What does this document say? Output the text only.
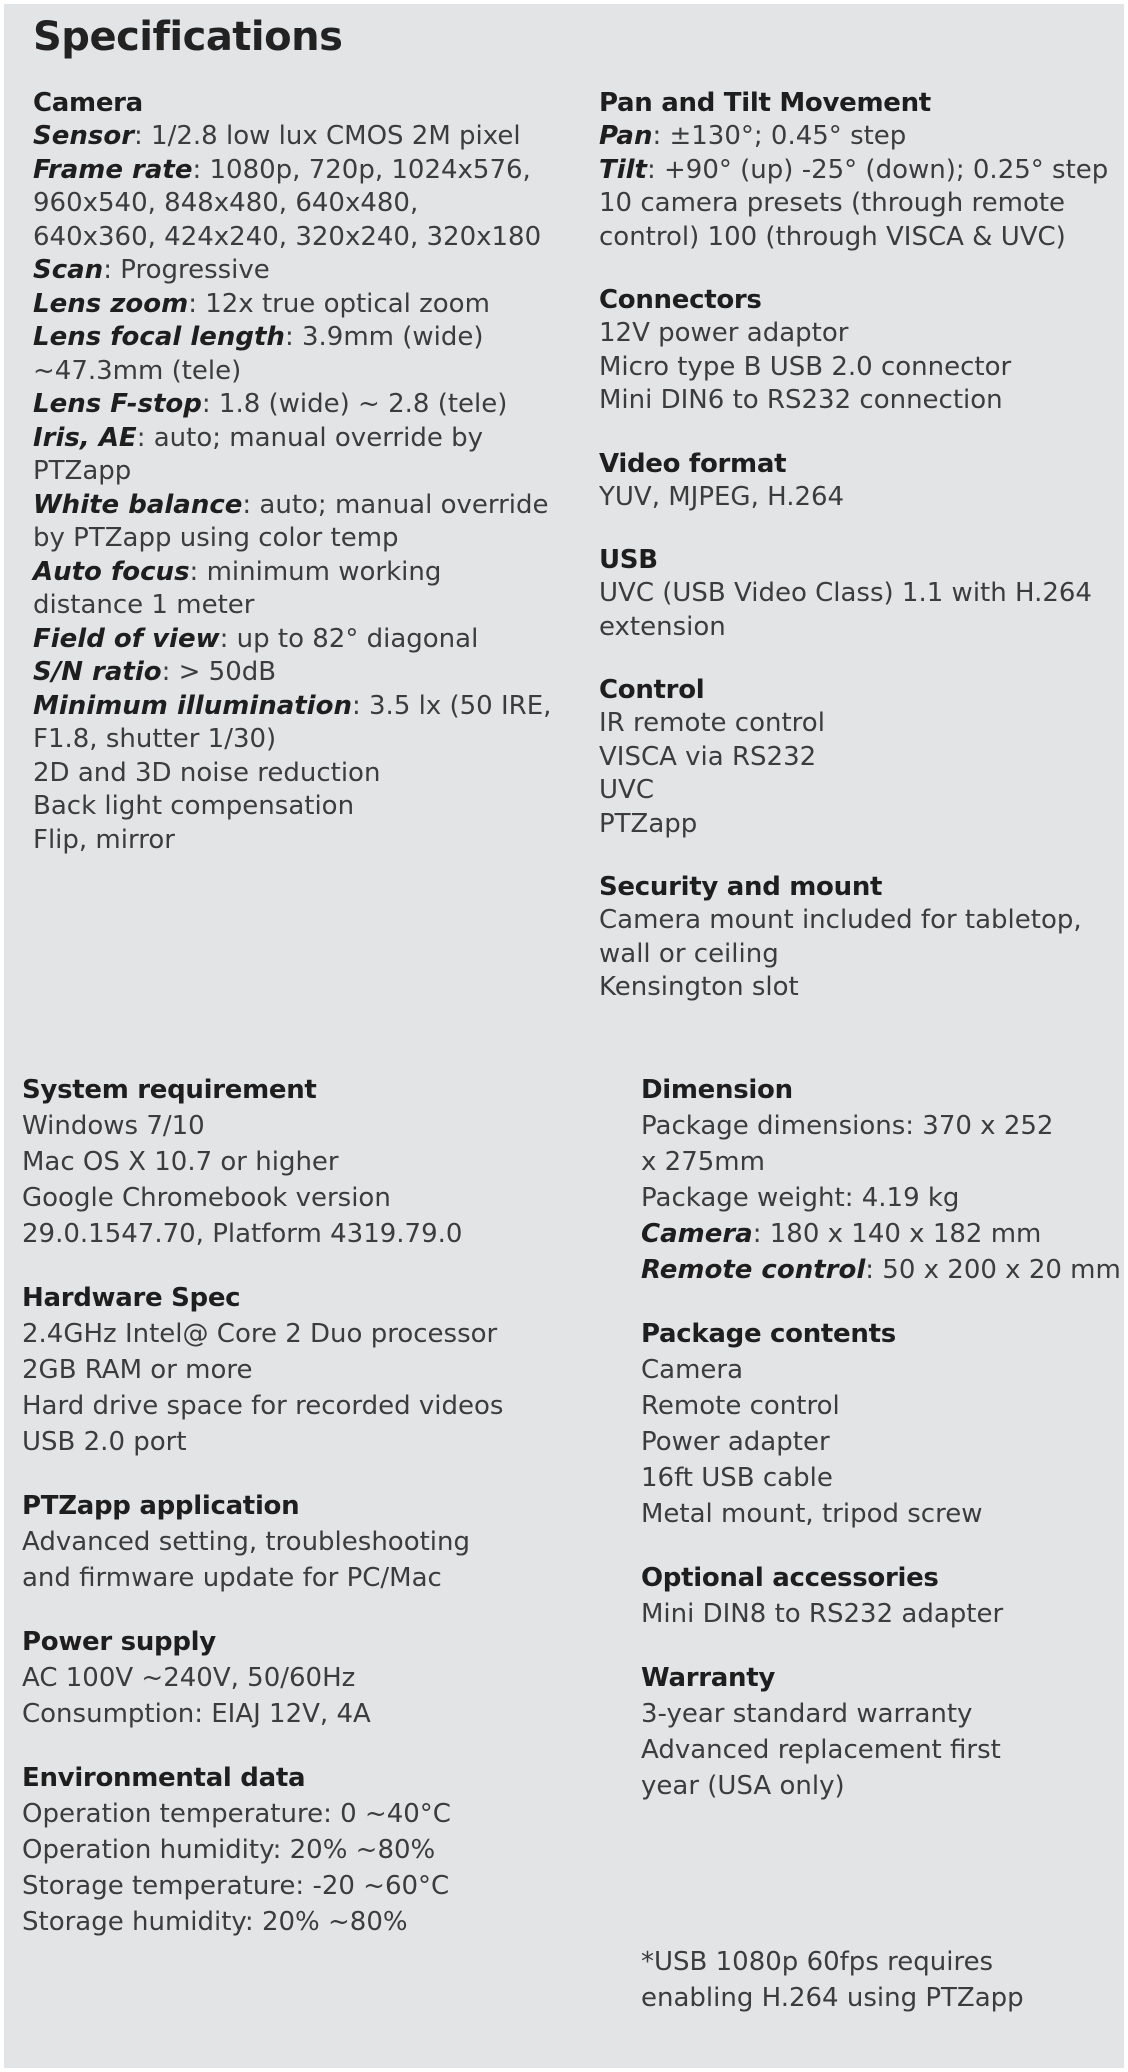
Specifications
Camera
Sensor: 1/2.8 low lux CMOS 2M pixel
Frame rate: 1080p, 720p, 1024x576,
960x540, 848x480, 640x480,
640x360, 424x240, 320x240, 320x180
Scan: Progressive
Lens zoom: 12x true optical zoom
Lens focal length: 3.9mm (wide)
~47.3mm (tele)
Lens F-stop: 1.8 (wide) ~ 2.8 (tele)
Iris, AE: auto; manual override by
PTZapp
White balance: auto; manual override
by PTZapp using color temp
Auto focus: minimum working
distance 1 meter
Field of view: up to 82° diagonal
S/N ratio: > 50dB
Minimum illumination: 3.5 lx (50 IRE,
F1.8, shutter 1/30)
2D and 3D noise reduction
Back light compensation
Flip, mirror
Pan and Tilt Movement
Pan: ±130°; 0.45° step
Tilt: +90° (up) -25° (down); 0.25° step
10 camera presets (through remote
control) 100 (through VISCA & UVC)
Connectors
12V power adaptor
Micro type B USB 2.0 connector
Mini DIN6 to RS232 connection
Video format
YUV, MJPEG, H.264
USB
UVC (USB Video Class) 1.1 with H.264
extension
Control
IR remote control
VISCA via RS232
UVC
PTZapp
Security and mount
Camera mount included for tabletop,
wall or ceiling
Kensington slot
System requirement
Windows 7/10
Mac OS X 10.7 or higher
Google Chromebook version
29.0.1547.70, Platform 4319.79.0
Hardware Spec
2.4GHz Intel@ Core 2 Duo processor
2GB RAM or more
Hard drive space for recorded videos
USB 2.0 port
PTZapp application
Advanced setting, troubleshooting
and firmware update for PC/Mac
Power supply
AC 100V ~240V, 50/60Hz
Consumption: EIAJ 12V, 4A
Environmental data
Operation temperature: 0 ~40°C
Operation humidity: 20% ~80%
Storage temperature: -20 ~60°C
Storage humidity: 20% ~80%
Dimension
Package dimensions: 370 x 252
x 275mm
Package weight: 4.19 kg
Camera: 180 x 140 x 182 mm
Remote control: 50 x 200 x 20 mm
Package contents
Camera
Remote control
Power adapter
16ft USB cable
Metal mount, tripod screw
Optional accessories
Mini DIN8 to RS232 adapter
Warranty
3-year standard warranty
Advanced replacement first
year (USA only)
*USB 1080p 60fps requires
enabling H.264 using PTZapp
